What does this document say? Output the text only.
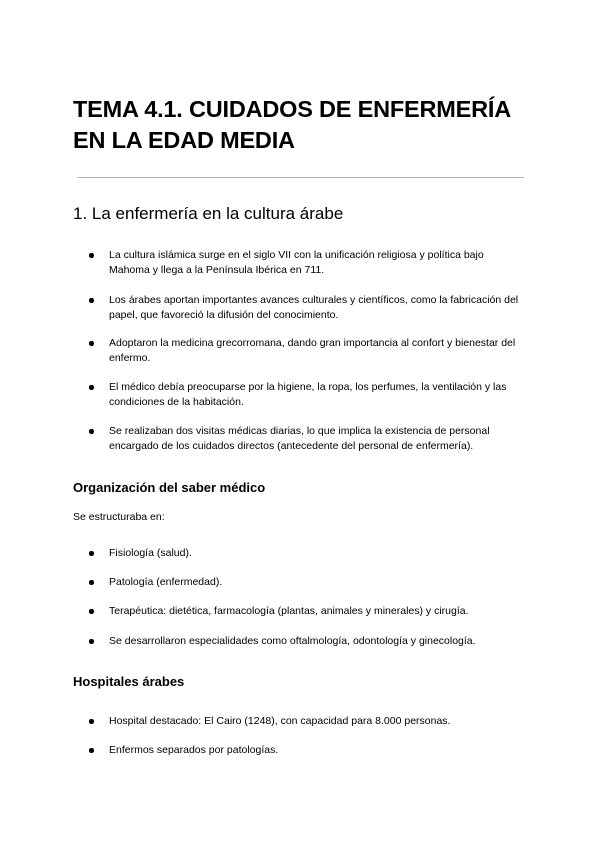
TEMA 4.1. CUIDADOS DE ENFERMERÍA EN LA EDAD MEDIA
1. La enfermería en la cultura árabe
La cultura islámica surge en el siglo VII con la unificación religiosa y política bajo Mahoma y llega a la Península Ibérica en 711.
Los árabes aportan importantes avances culturales y científicos, como la fabricación del papel, que favoreció la difusión del conocimiento.
Adoptaron la medicina grecorromana, dando gran importancia al confort y bienestar del enfermo.
El médico debía preocuparse por la higiene, la ropa, los perfumes, la ventilación y las condiciones de la habitación.
Se realizaban dos visitas médicas diarias, lo que implica la existencia de personal encargado de los cuidados directos (antecedente del personal de enfermería).
Organización del saber médico

Se estructuraba en:

Fisiología (salud).
Patología (enfermedad).
Terapéutica: dietética, farmacología (plantas, animales y minerales) y cirugía.
Se desarrollaron especialidades como oftalmología, odontología y ginecología.
Hospitales árabes
Hospital destacado: El Cairo (1248), con capacidad para 8.000 personas.
Enfermos separados por patologías.
